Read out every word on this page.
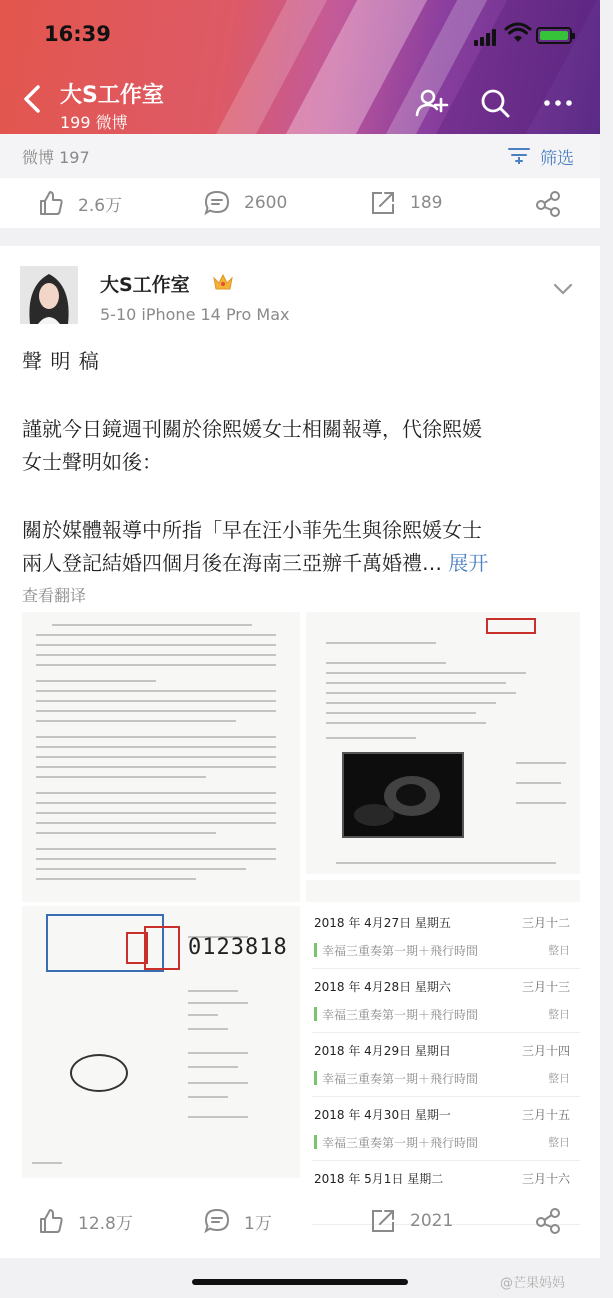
16:39
大S工作室
199 微博
微博 197	筛选
2.6万	2600	189
大S工作室
5-10 iPhone 14 Pro Max
聲 明 稿
謹就今日鏡週刊關於徐熙媛女士相關報導，代徐熙媛
女士聲明如後：
關於媒體報導中所指「早在汪小菲先生與徐熙媛女士
兩人登記結婚四個月後在海南三亞辦千萬婚禮… 展开
查看翻译

0123818
2018 年 4月27日 星期五	三月十二
幸福三重奏第一期＋飛行時間	整日
2018 年 4月28日 星期六	三月十三
幸福三重奏第一期＋飛行時間	整日
2018 年 4月29日 星期日	三月十四
幸福三重奏第一期＋飛行時間	整日
2018 年 4月30日 星期一	三月十五
幸福三重奏第一期＋飛行時間	整日
2018 年 5月1日 星期二	三月十六
12.8万	1万	2021
@芒果妈妈
